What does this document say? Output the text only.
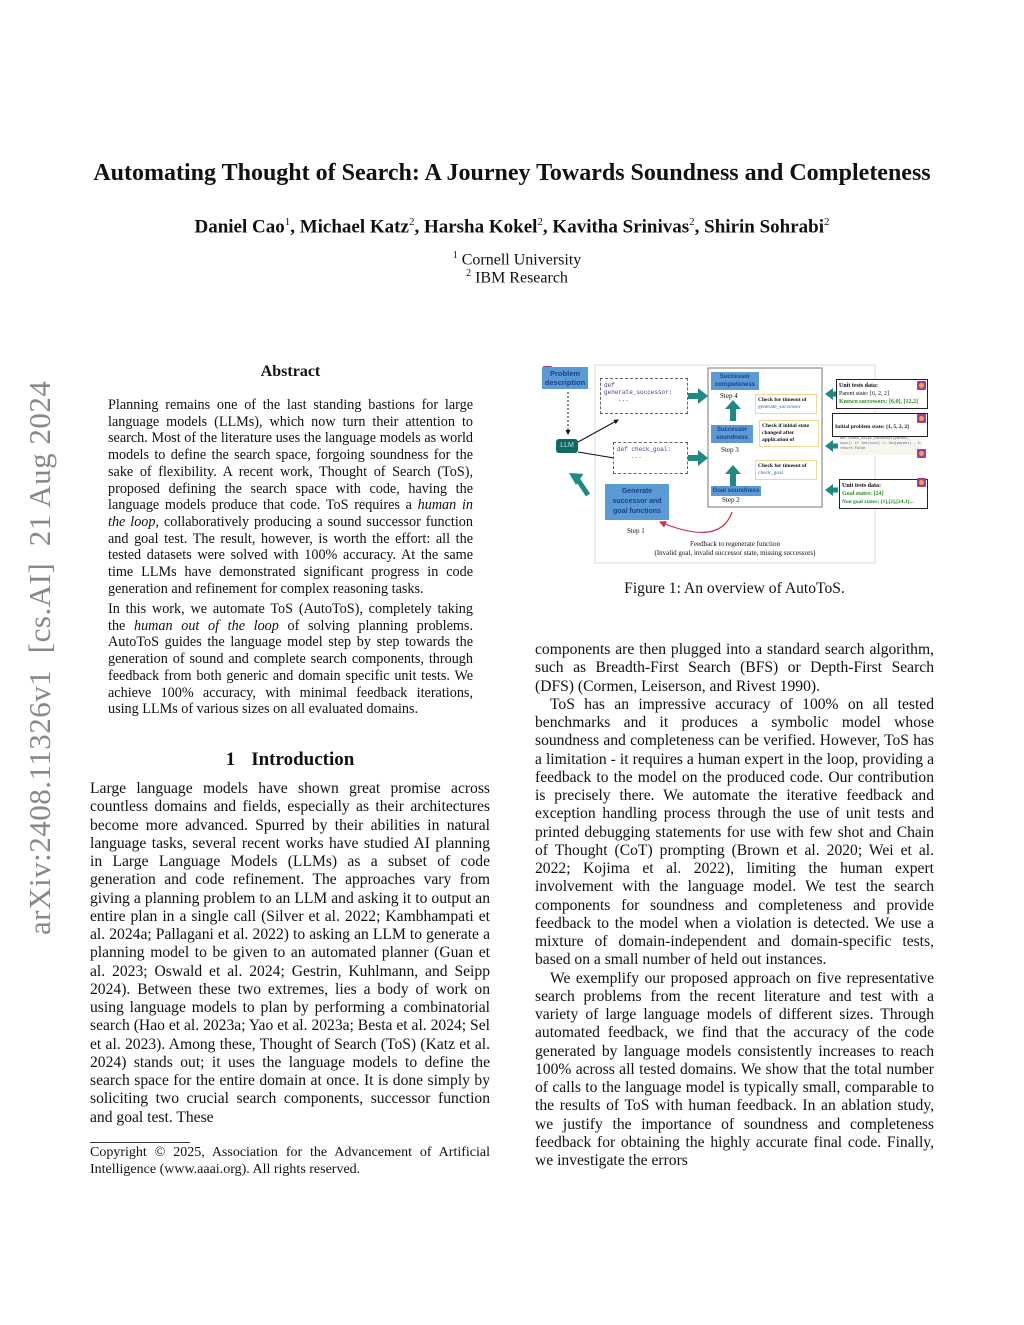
Automating Thought of Search: A Journey Towards Soundness and Completeness
Daniel Cao$^1$, Michael Katz$^2$, Harsha Kokel$^2$, Kavitha Srinivas$^2$, Shirin Sohrabi$^2$
$^1$ Cornell University
$^2$ IBM Research
arXiv:2408.11326v1  [cs.AI]  21 Aug 2024
Abstract
Planning remains one of the last standing bastions for large language models (LLMs), which now turn their attention to search. Most of the literature uses the language models as world models to define the search space, forgoing soundness for the sake of flexibility. A recent work, Thought of Search (ToS), proposed defining the search space with code, having the language models produce that code. ToS requires a human in the loop, collaboratively producing a sound successor function and goal test. The result, however, is worth the effort: all the tested datasets were solved with 100% accuracy. At the same time LLMs have demonstrated significant progress in code generation and refinement for complex reasoning tasks.
In this work, we automate ToS (AutoToS), completely taking the human out of the loop of solving planning problems. AutoToS guides the language model step by step towards the generation of sound and complete search components, through feedback from both generic and domain specific unit tests. We achieve 100% accuracy, with minimal feedback iterations, using LLMs of various sizes on all evaluated domains.
1 Introduction

Large language models have shown great promise across countless domains and fields, especially as their architectures become more advanced. Spurred by their abilities in natural language tasks, several recent works have studied AI planning in Large Language Models (LLMs) as a subset of code generation and code refinement. The approaches vary from giving a planning problem to an LLM and asking it to output an entire plan in a single call (Silver et al. 2022; Kambhampati et al. 2024a; Pallagani et al. 2022) to asking an LLM to generate a planning model to be given to an automated planner (Guan et al. 2023; Oswald et al. 2024; Gestrin, Kuhlmann, and Seipp 2024). Between these two extremes, lies a body of work on using language models to plan by performing a combinatorial search (Hao et al. 2023a; Yao et al. 2023a; Besta et al. 2024; Sel et al. 2023). Among these, Thought of Search (ToS) (Katz et al. 2024) stands out; it uses the language models to define the search space for the entire domain at once. It is done simply by soliciting two crucial search components, successor function and goal test. These

Copyright © 2025, Association for the Advancement of Artificial Intelligence (www.aaai.org). All rights reserved.
Problem description
LLM
def generate_successor:
...
def check_goal:
...
Generate successor and goal functions
Successor completeness
Step 4
Successor soundness
Step 3
Goal soundness
Step 2
Check for timeout of
generate_successor
Check if initial state changed after application of
Check for timeout of
check_goal
Unit tests data:
Parent state: [6, 2, 2]
Known successors: [6,0], [12,2]
Initial problem state: [1, 5, 2, 2]
def check_valid_successor(parent, succ): if len(succ) != len(parent) - 1: return False
Unit tests data:
Goal states: [24]
Non goal states: [1],[2],[24,1]...
Step 1
Feedback to regenerate function
(Invalid goal, invalid successor state, missing successors)
Figure 1: An overview of AutoToS.

components are then plugged into a standard search algorithm, such as Breadth-First Search (BFS) or Depth-First Search (DFS) (Cormen, Leiserson, and Rivest 1990).

ToS has an impressive accuracy of 100% on all tested benchmarks and it produces a symbolic model whose soundness and completeness can be verified. However, ToS has a limitation - it requires a human expert in the loop, providing a feedback to the model on the produced code. Our contribution is precisely there. We automate the iterative feedback and exception handling process through the use of unit tests and printed debugging statements for use with few shot and Chain of Thought (CoT) prompting (Brown et al. 2020; Wei et al. 2022; Kojima et al. 2022), limiting the human expert involvement with the language model. We test the search components for soundness and completeness and provide feedback to the model when a violation is detected. We use a mixture of domain-independent and domain-specific tests, based on a small number of held out instances.

We exemplify our proposed approach on five representative search problems from the recent literature and test with a variety of large language models of different sizes. Through automated feedback, we find that the accuracy of the code generated by language models consistently increases to reach 100% across all tested domains. We show that the total number of calls to the language model is typically small, comparable to the results of ToS with human feedback. In an ablation study, we justify the importance of soundness and completeness feedback for obtaining the highly accurate final code. Finally, we investigate the errors
